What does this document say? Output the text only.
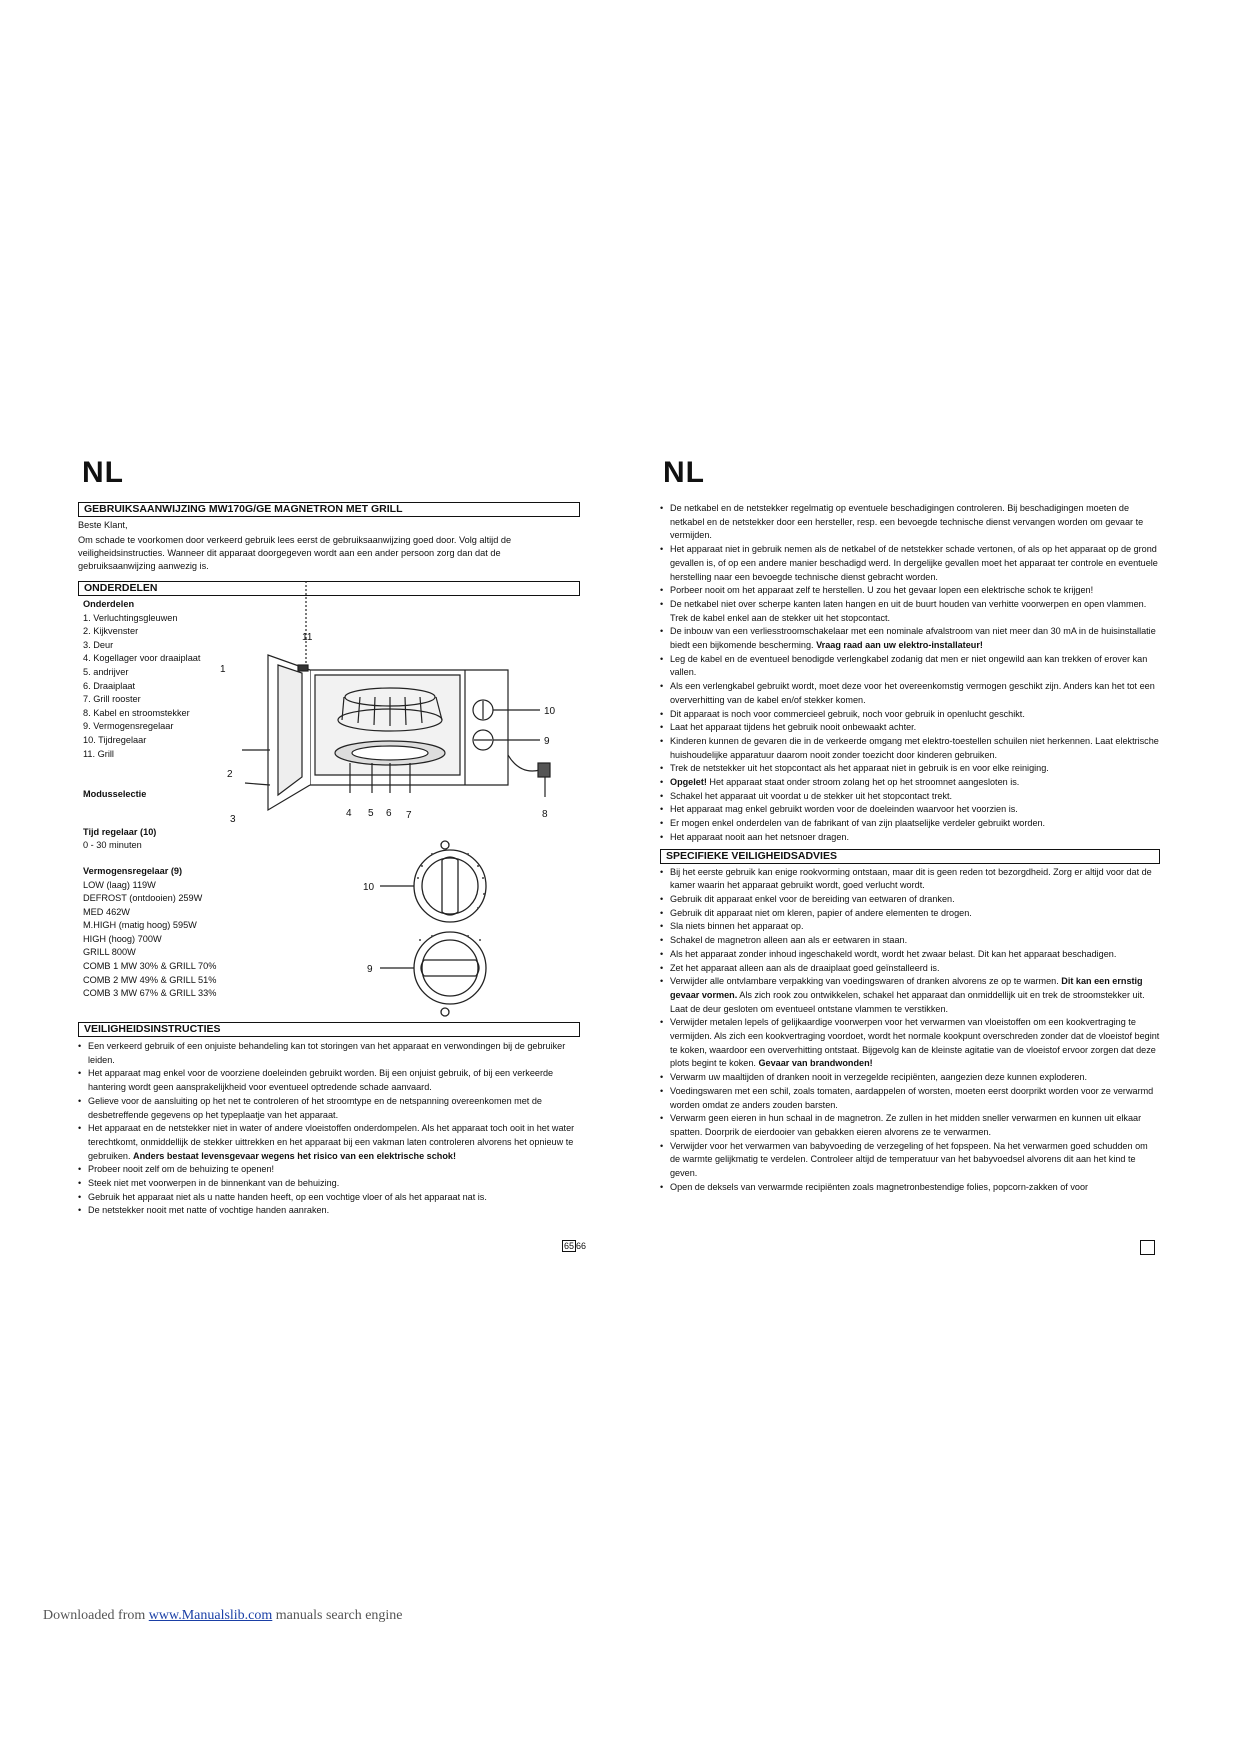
NL
GEBRUIKSAANWIJZING MW170G/GE MAGNETRON MET GRILL
Beste Klant,
Om schade te voorkomen door verkeerd gebruik lees eerst de gebruiksaanwijzing goed door. Volg altijd de veiligheidsinstructies. Wanneer dit apparaat doorgegeven wordt aan een ander persoon zorg dan dat de gebruiksaanwijzing aanwezig is.
ONDERDELEN
Onderdelen
1. Verluchtingsgleuwen
2. Kijkvenster
3. Deur
4. Kogellager voor draaiplaat
5. andrijver
6. Draaiplaat
7. Grill rooster
8. Kabel en stroomstekker
9. Vermogensregelaar
10. Tijdregelaar
11. Grill
Modusselectie
Tijd regelaar (10)
0 - 30 minuten
Vermogensregelaar (9)
LOW (laag) 119W
DEFROST (ontdooien) 259W
MED 462W
M.HIGH (matig hoog) 595W
HIGH (hoog) 700W
GRILL 800W
COMB 1 MW 30% & GRILL 70%
COMB 2 MW 49% & GRILL 51%
COMB 3 MW 67% & GRILL 33%
1
2
3
4 5 6 7	8
9
10
11
10
9
VEILIGHEIDSINSTRUCTIES
• Een verkeerd gebruik of een onjuiste behandeling kan tot storingen van het apparaat en verwondingen bij de gebruiker leiden.
• Het apparaat mag enkel voor de voorziene doeleinden gebruikt worden. Bij een onjuist gebruik, of bij een verkeerde hantering wordt geen aansprakelijkheid voor eventueel optredende schade aanvaard.
• Gelieve voor de aansluiting op het net te controleren of het stroomtype en de netspanning overeenkomen met de desbetreffende gegevens op het typeplaatje van het apparaat.
• Het apparaat en de netstekker niet in water of andere vloeistoffen onderdompelen. Als het apparaat toch ooit in het water terechtkomt, onmiddellijk de stekker uittrekken en het apparaat bij een vakman laten controleren alvorens het opnieuw te gebruiken. Anders bestaat levensgevaar wegens het risico van een elektrische schok!
• Probeer nooit zelf om de behuizing te openen!
• Steek niet met voorwerpen in de binnenkant van de behuizing.
• Gebruik het apparaat niet als u natte handen heeft, op een vochtige vloer of als het apparaat nat is.
• De netstekker nooit met natte of vochtige handen aanraken.
65 66
NL
• De netkabel en de netstekker regelmatig op eventuele beschadigingen controleren. Bij beschadigingen moeten de netkabel en de netstekker door een hersteller, resp. een bevoegde technische dienst vervangen worden om gevaar te vermijden.
• Het apparaat niet in gebruik nemen als de netkabel of de netstekker schade vertonen, of als op het apparaat op de grond gevallen is, of op een andere manier beschadigd werd. In dergelijke gevallen moet het apparaat ter controle en eventuele herstelling naar een bevoegde technische dienst gebracht worden.
• Porbeer nooit om het apparaat zelf te herstellen. U zou het gevaar lopen een elektrische schok te krijgen!
• De netkabel niet over scherpe kanten laten hangen en uit de buurt houden van verhitte voorwerpen en open vlammen. Trek de kabel enkel aan de stekker uit het stopcontact.
• De inbouw van een verliesstroomschakelaar met een nominale afvalstroom van niet meer dan 30 mA in de huisinstallatie biedt een bijkomende bescherming. Vraag raad aan uw elektro-installateur!
• Leg de kabel en de eventueel benodigde verlengkabel zodanig dat men er niet ongewild aan kan trekken of erover kan vallen.
• Als een verlengkabel gebruikt wordt, moet deze voor het overeenkomstig vermogen geschikt zijn. Anders kan het tot een oververhitting van de kabel en/of stekker komen.
• Dit apparaat is noch voor commercieel gebruik, noch voor gebruik in openlucht geschikt.
• Laat het apparaat tijdens het gebruik nooit onbewaakt achter.
• Kinderen kunnen de gevaren die in de verkeerde omgang met elektro-toestellen schuilen niet herkennen. Laat elektrische huishoudelijke apparatuur daarom nooit zonder toezicht door kinderen gebruiken.
• Trek de netstekker uit het stopcontact als het apparaat niet in gebruik is en voor elke reiniging.
• Opgelet! Het apparaat staat onder stroom zolang het op het stroomnet aangesloten is.
• Schakel het apparaat uit voordat u de stekker uit het stopcontact trekt.
• Het apparaat mag enkel gebruikt worden voor de doeleinden waarvoor het voorzien is.
• Er mogen enkel onderdelen van de fabrikant of van zijn plaatselijke verdeler gebruikt worden.
• Het apparaat nooit aan het netsnoer dragen.
SPECIFIEKE VEILIGHEIDSADVIES
• Bij het eerste gebruik kan enige rookvorming ontstaan, maar dit is geen reden tot bezorgdheid. Zorg er altijd voor dat de kamer waarin het apparaat gebruikt wordt, goed verlucht wordt.
• Gebruik dit apparaat enkel voor de bereiding van eetwaren of dranken.
• Gebruik dit apparaat niet om kleren, papier of andere elementen te drogen.
• Sla niets binnen het apparaat op.
• Schakel de magnetron alleen aan als er eetwaren in staan.
• Als het apparaat zonder inhoud ingeschakeld wordt, wordt het zwaar belast. Dit kan het apparaat beschadigen.
• Zet het apparaat alleen aan als de draaiplaat goed geïnstalleerd is.
• Verwijder alle ontvlambare verpakking van voedingswaren of dranken alvorens ze op te warmen. Dit kan een ernstig gevaar vormen. Als zich rook zou ontwikkelen, schakel het apparaat dan onmiddellijk uit en trek de stroomstekker uit. Laat de deur gesloten om eventueel ontstane vlammen te verstikken.
• Verwijder metalen lepels of gelijkaardige voorwerpen voor het verwarmen van vloeistoffen om een kookvertraging te vermijden. Als zich een kookvertraging voordoet, wordt het normale kookpunt overschreden zonder dat de vloeistof begint te koken, waardoor een oververhitting ontstaat. Bijgevolg kan de kleinste agitatie van de vloeistof ervoor zorgen dat deze plots begint te koken. Gevaar van brandwonden!
• Verwarm uw maaltijden of dranken nooit in verzegelde recipiënten, aangezien deze kunnen exploderen.
• Voedingswaren met een schil, zoals tomaten, aardappelen of worsten, moeten eerst doorprikt worden voor ze verwarmd worden omdat ze anders zouden barsten.
• Verwarm geen eieren in hun schaal in de magnetron. Ze zullen in het midden sneller verwarmen en kunnen uit elkaar spatten. Doorprik de eierdooier van gebakken eieren alvorens ze te verwarmen.
• Verwijder voor het verwarmen van babyvoeding de verzegeling of het fopspeen. Na het verwarmen goed schudden om de warmte gelijkmatig te verdelen. Controleer altijd de temperatuur van het babyvoedsel alvorens dit aan het kind te geven.
• Open de deksels van verwarmde recipiënten zoals magnetronbestendige folies, popcorn-zakken of voor
Downloaded from www.Manualslib.com manuals search engine
